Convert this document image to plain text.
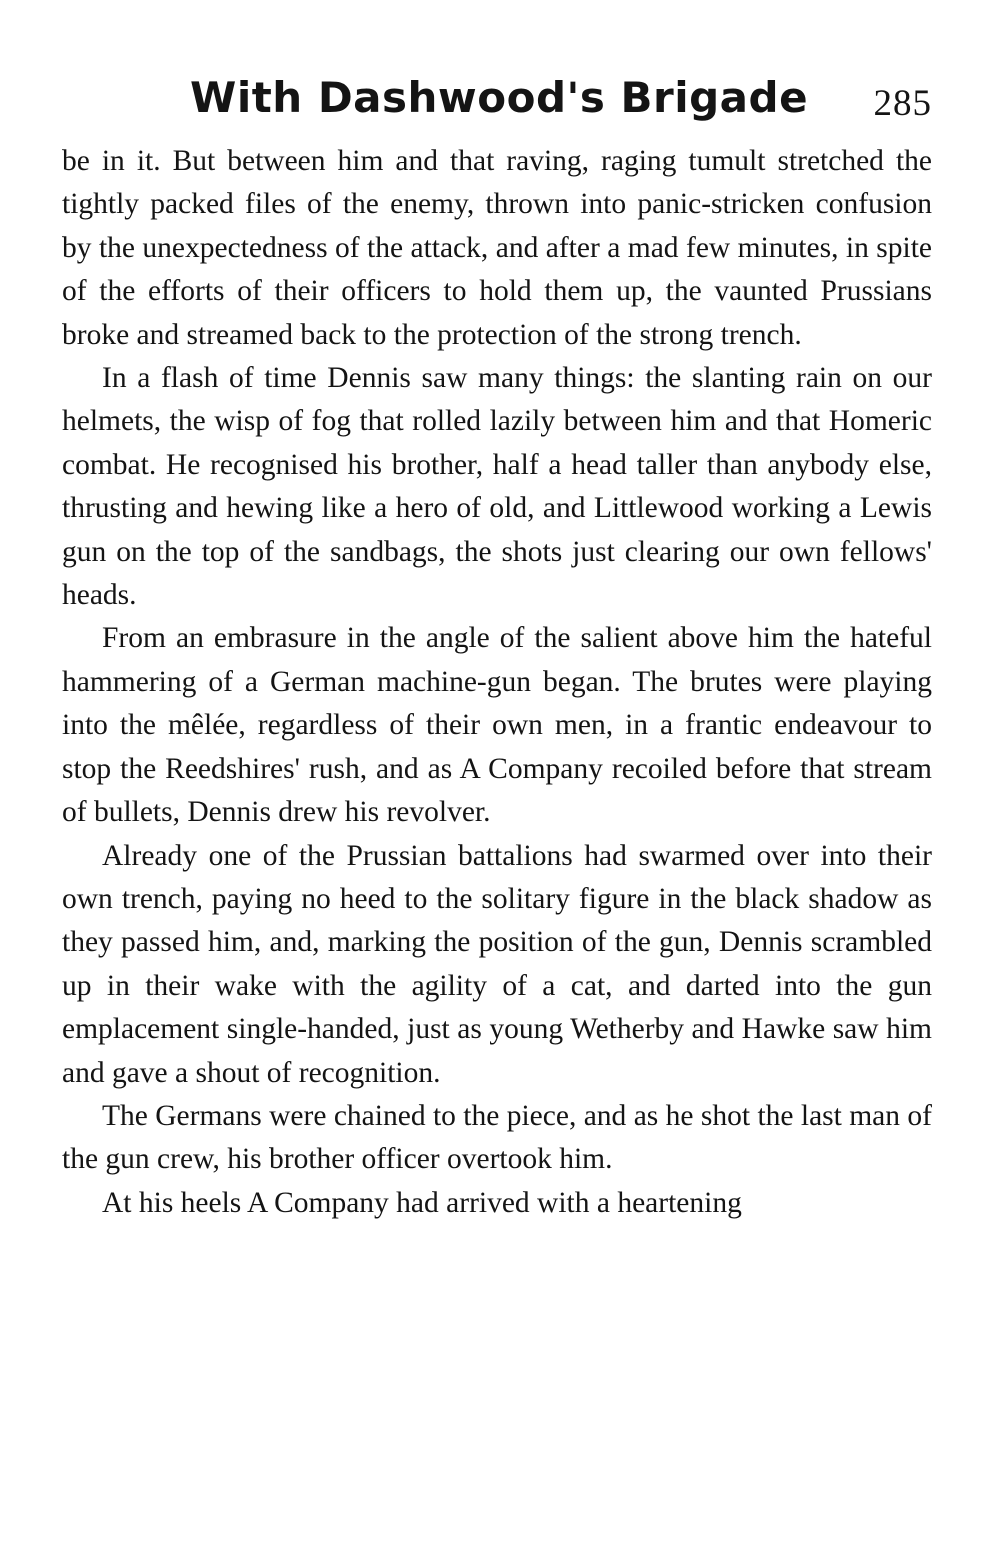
With Dashwood's Brigade 285

be in it. But between him and that raving, raging tumult stretched the tightly packed files of the enemy, thrown into panic-stricken confusion by the unexpectedness of the attack, and after a mad few minutes, in spite of the efforts of their officers to hold them up, the vaunted Prussians broke and streamed back to the protection of the strong trench.

In a flash of time Dennis saw many things: the slanting rain on our helmets, the wisp of fog that rolled lazily between him and that Homeric combat. He recognised his brother, half a head taller than anybody else, thrusting and hewing like a hero of old, and Littlewood working a Lewis gun on the top of the sandbags, the shots just clearing our own fellows' heads.

From an embrasure in the angle of the salient above him the hateful hammering of a German machine-gun began. The brutes were playing into the mêlée, regardless of their own men, in a frantic endeavour to stop the Reedshires' rush, and as A Company recoiled before that stream of bullets, Dennis drew his revolver.

Already one of the Prussian battalions had swarmed over into their own trench, paying no heed to the solitary figure in the black shadow as they passed him, and, marking the position of the gun, Dennis scrambled up in their wake with the agility of a cat, and darted into the gun emplacement single-handed, just as young Wetherby and Hawke saw him and gave a shout of recognition.

The Germans were chained to the piece, and as he shot the last man of the gun crew, his brother officer overtook him.

At his heels A Company had arrived with a heartening
